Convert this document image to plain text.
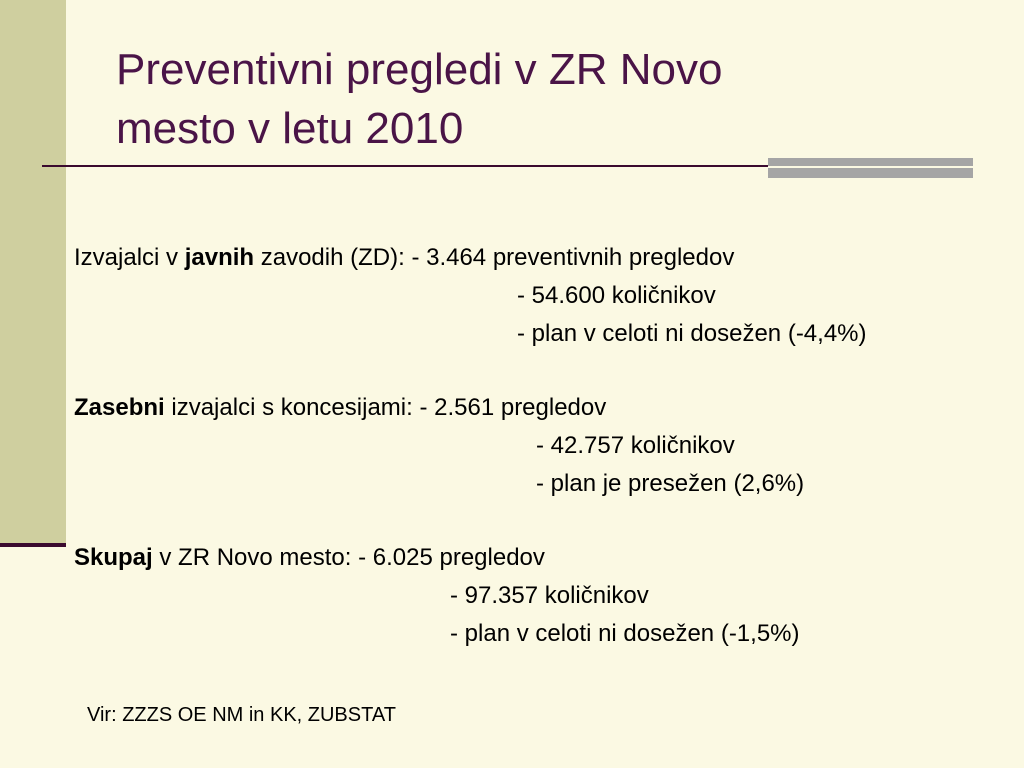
Preventivni pregledi v ZR Novo
mesto v letu 2010
Izvajalci v javnih zavodih (ZD): - 3.464 preventivnih pregledov
- 54.600 količnikov
- plan v celoti ni dosežen (-4,4%)
Zasebni izvajalci s koncesijami: - 2.561 pregledov
- 42.757 količnikov
- plan je presežen (2,6%)
Skupaj v ZR Novo mesto: - 6.025 pregledov
- 97.357 količnikov
- plan v celoti ni dosežen (-1,5%)
Vir: ZZZS OE NM in KK, ZUBSTAT
